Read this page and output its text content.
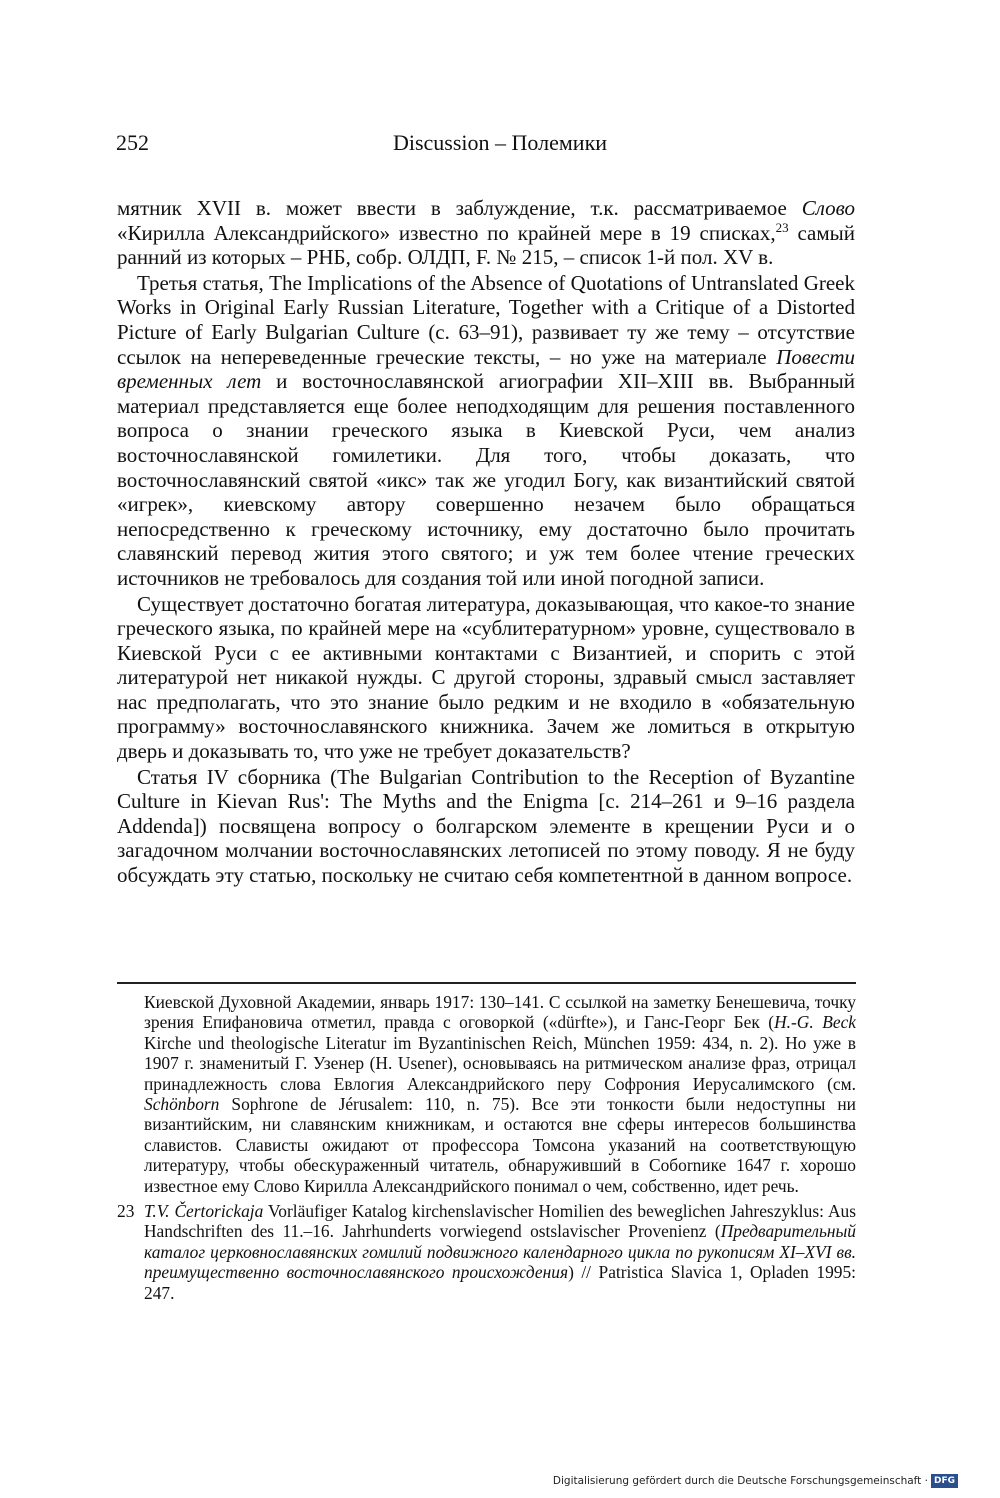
252	Discussion – Полемики

мятник XVII в. может ввести в заблуждение, т.к. рассматриваемое Слово «Кирилла Александрийского» известно по крайней мере в 19 списках,$^{23}$ самый ранний из которых – РНБ, собр. ОЛДП, F. № 215, – список 1-й пол. XV в.

Третья статья, The Implications of the Absence of Quotations of Untranslated Greek Works in Original Early Russian Literature, Together with a Critique of a Distorted Picture of Early Bulgarian Culture (с. 63–91), развивает ту же тему – отсутствие ссылок на непереведенные греческие тексты, – но уже на материале Повести временных лет и восточнославянской агиографии XII–XIII вв. Выбранный материал представляется еще более неподходящим для решения поставленного вопроса о знании греческого языка в Киевской Руси, чем анализ восточнославянской гомилетики. Для того, чтобы доказать, что восточнославянский святой «икс» так же угодил Богу, как византийский святой «игрек», киевскому автору совершенно незачем было обращаться непосредственно к греческому источнику, ему достаточно было прочитать славянский перевод жития этого святого; и уж тем более чтение греческих источников не требовалось для создания той или иной погодной записи.

Существует достаточно богатая литература, доказывающая, что какое-то знание греческого языка, по крайней мере на «сублитературном» уровне, существовало в Киевской Руси с ее активными контактами с Византией, и спорить с этой литературой нет никакой нужды. С другой стороны, здравый смысл заставляет нас предполагать, что это знание было редким и не входило в «обязательную программу» восточнославянского книжника. Зачем же ломиться в открытую дверь и доказывать то, что уже не требует доказательств?

Статья IV сборника (The Bulgarian Contribution to the Reception of Byzantine Culture in Kievan Rus': The Myths and the Enigma [с. 214–261 и 9–16 раздела Addenda]) посвящена вопросу о болгарском элементе в крещении Руси и о загадочном молчании восточнославянских летописей по этому поводу. Я не буду обсуждать эту статью, поскольку не считаю себя компетентной в данном вопросе.

Киевской Духовной Академии, январь 1917: 130–141. С ссылкой на заметку Бенешевича, точку зрения Епифановича отметил, правда с оговоркой («dürfte»), и Ганс-Георг Бек (H.-G. Beck Kirche und theologische Literatur im Byzantinischen Reich, München 1959: 434, n. 2). Но уже в 1907 г. знаменитый Г. Узенер (H. Usener), основываясь на ритмическом анализе фраз, отрицал принадлежность слова Евлогия Александрийского перу Софрония Иерусалимского (см. Schönborn Sophrone de Jérusalem: 110, n. 75). Все эти тонкости были недоступны ни византийским, ни славянским книжникам, и остаются вне сферы интересов большинства славистов. Слависты ожидают от профессора Томсона указаний на соответствующую литературу, чтобы обескураженный читатель, обнаруживший в Собornике 1647 г. хорошо известное ему Слово Кирилла Александрийского понимал о чем, собственно, идет речь.

23 T.V. Čertorickaja Vorläufiger Katalog kirchenslavischer Homilien des beweglichen Jahreszyklus: Aus Handschriften des 11.–16. Jahrhunderts vorwiegend ostslavischer Provenienz (Предварительный каталог церковнославянских гомилий подвижного календарного цикла по рукописям XI–XVI вв. преимущественно восточнославянского происхождения) // Patristica Slavica 1, Opladen 1995: 247.
Digitalisierung gefördert durch die Deutsche Forschungsgemeinschaft · DFG
